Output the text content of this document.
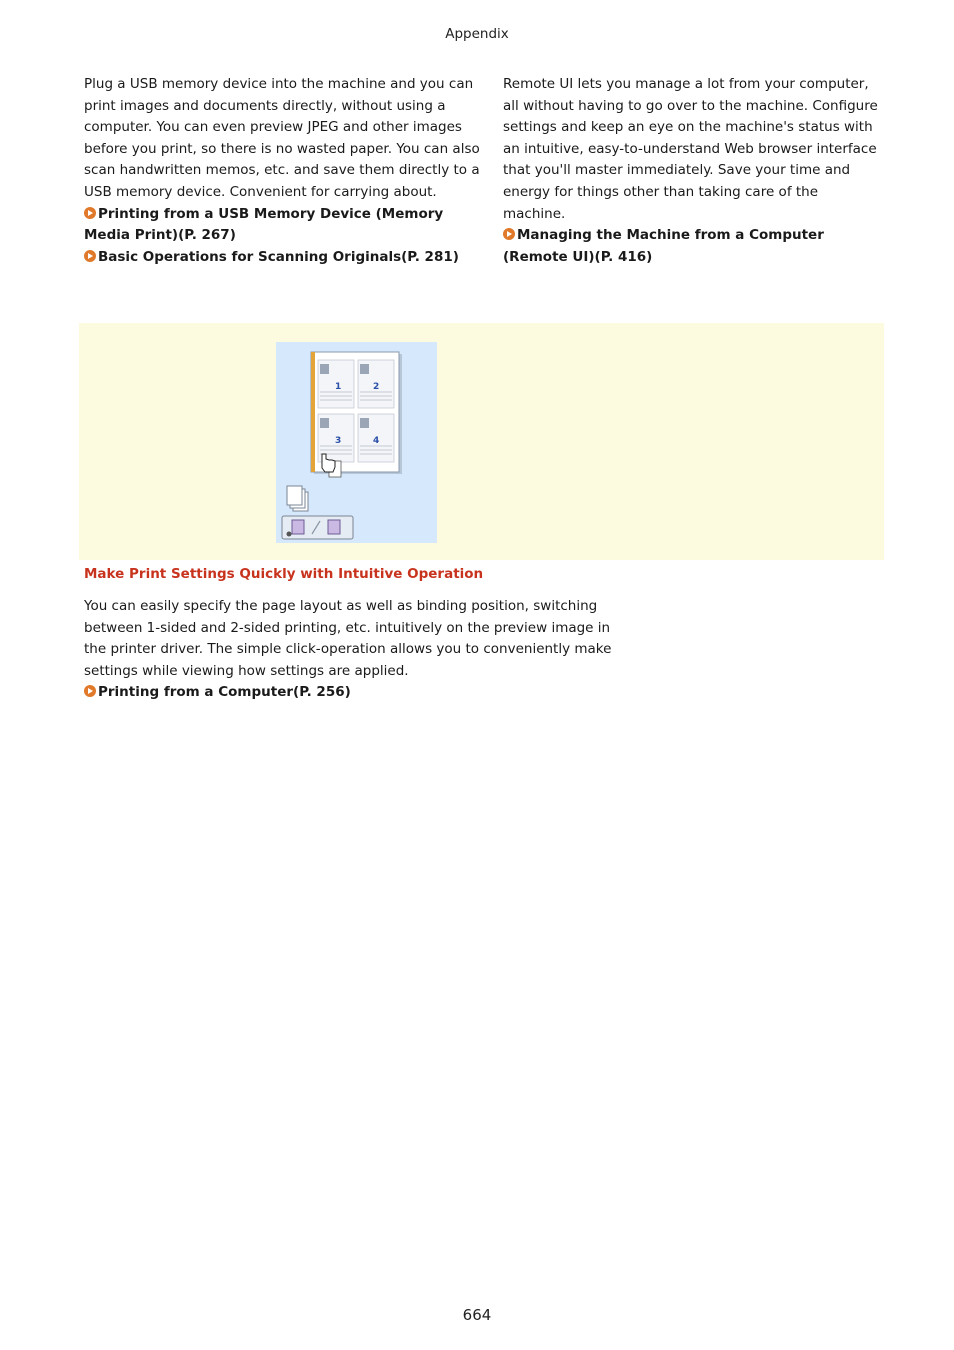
Appendix
Plug a USB memory device into the machine and you can print images and documents directly, without using a computer. You can even preview JPEG and other images before you print, so there is no wasted paper. You can also scan handwritten memos, etc. and save them directly to a USB memory device. Convenient for carrying about.
Printing from a USB Memory Device (Memory Media Print)(P. 267)
Basic Operations for Scanning Originals(P. 281)
Remote UI lets you manage a lot from your computer, all without having to go over to the machine. Configure settings and keep an eye on the machine's status with an intuitive, easy-to-understand Web browser interface that you'll master immediately. Save your time and energy for things other than taking care of the machine.
Managing the Machine from a Computer (Remote UI)(P. 416)
1	2
3	4
Make Print Settings Quickly with Intuitive Operation
You can easily specify the page layout as well as binding position, switching between 1-sided and 2-sided printing, etc. intuitively on the preview image in the printer driver. The simple click-operation allows you to conveniently make settings while viewing how settings are applied.
Printing from a Computer(P. 256)
664
